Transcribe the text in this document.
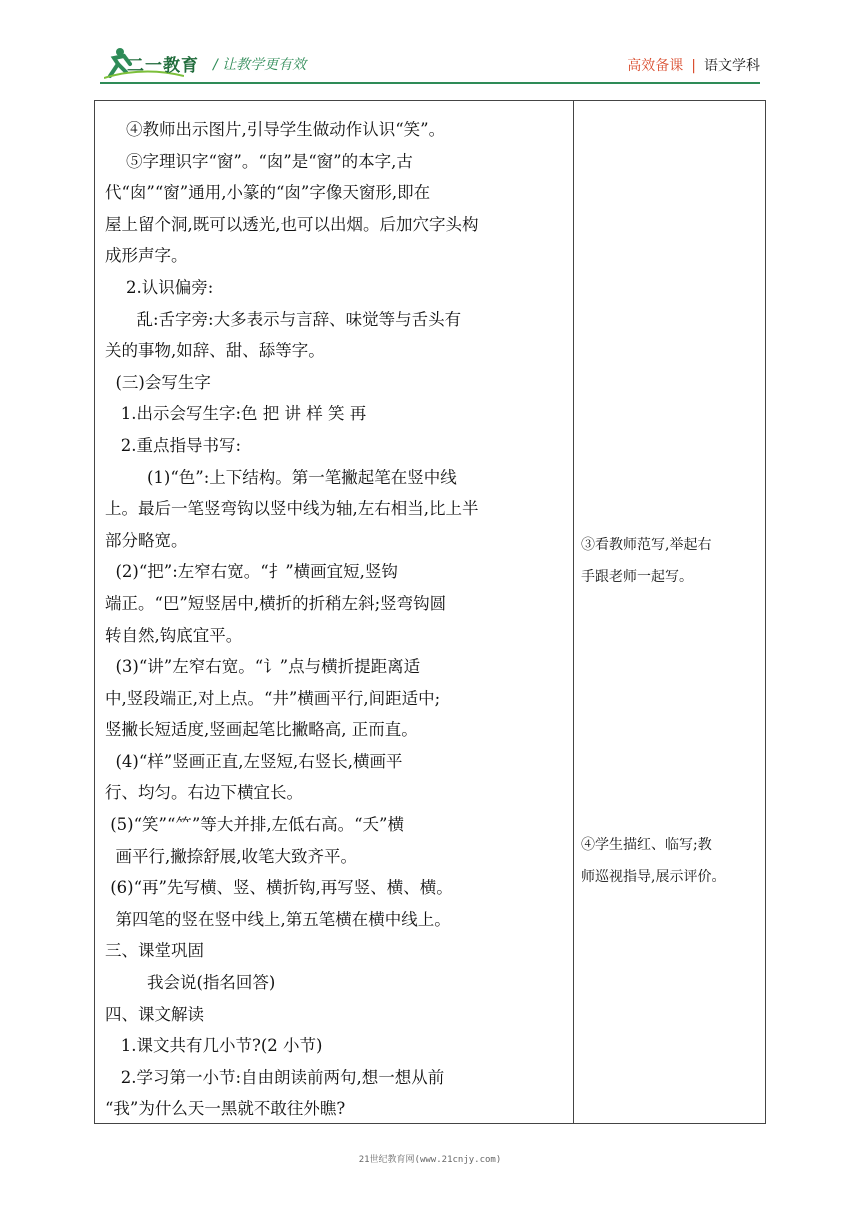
二一教育 / 让教学更有效	高效备课 | 语文学科
④教师出示图片,引导学生做动作认识“笑”。
⑤字理识字“窗”。“囱”是“窗”的本字,古
代“囱”“窗”通用,小篆的“囱”字像天窗形,即在
屋上留个洞,既可以透光,也可以出烟。后加穴字头构
成形声字。
2.认识偏旁:
乱:舌字旁:大多表示与言辞、味觉等与舌头有
关的事物,如辞、甜、舔等字。
(三)会写生字
1.出示会写生字:色 把 讲 样 笑 再
2.重点指导书写:
(1)“色”:上下结构。第一笔撇起笔在竖中线
上。最后一笔竖弯钩以竖中线为轴,左右相当,比上半
部分略宽。
(2)“把”:左窄右宽。“扌”横画宜短,竖钩
端正。“巴”短竖居中,横折的折稍左斜;竖弯钩圆
转自然,钩底宜平。
(3)“讲”左窄右宽。“讠”点与横折提距离适
中,竖段端正,对上点。“井”横画平行,间距适中;
竖撇长短适度,竖画起笔比撇略高, 正而直。
(4)“样”竖画正直,左竖短,右竖长,横画平
行、均匀。右边下横宜长。
(5)“笑”“⺮”等大并排,左低右高。“夭”横
画平行,撇捺舒展,收笔大致齐平。
(6)“再”先写横、竖、横折钩,再写竖、横、横。
第四笔的竖在竖中线上,第五笔横在横中线上。
三、课堂巩固
我会说(指名回答)
四、课文解读
1.课文共有几小节?(2 小节)
2.学习第一小节:自由朗读前两句,想一想从前
“我”为什么天一黑就不敢往外瞧?
③看教师范写,举起右
手跟老师一起写。
④学生描红、临写;教
师巡视指导,展示评价。
21世纪教育网(www.21cnjy.com)
